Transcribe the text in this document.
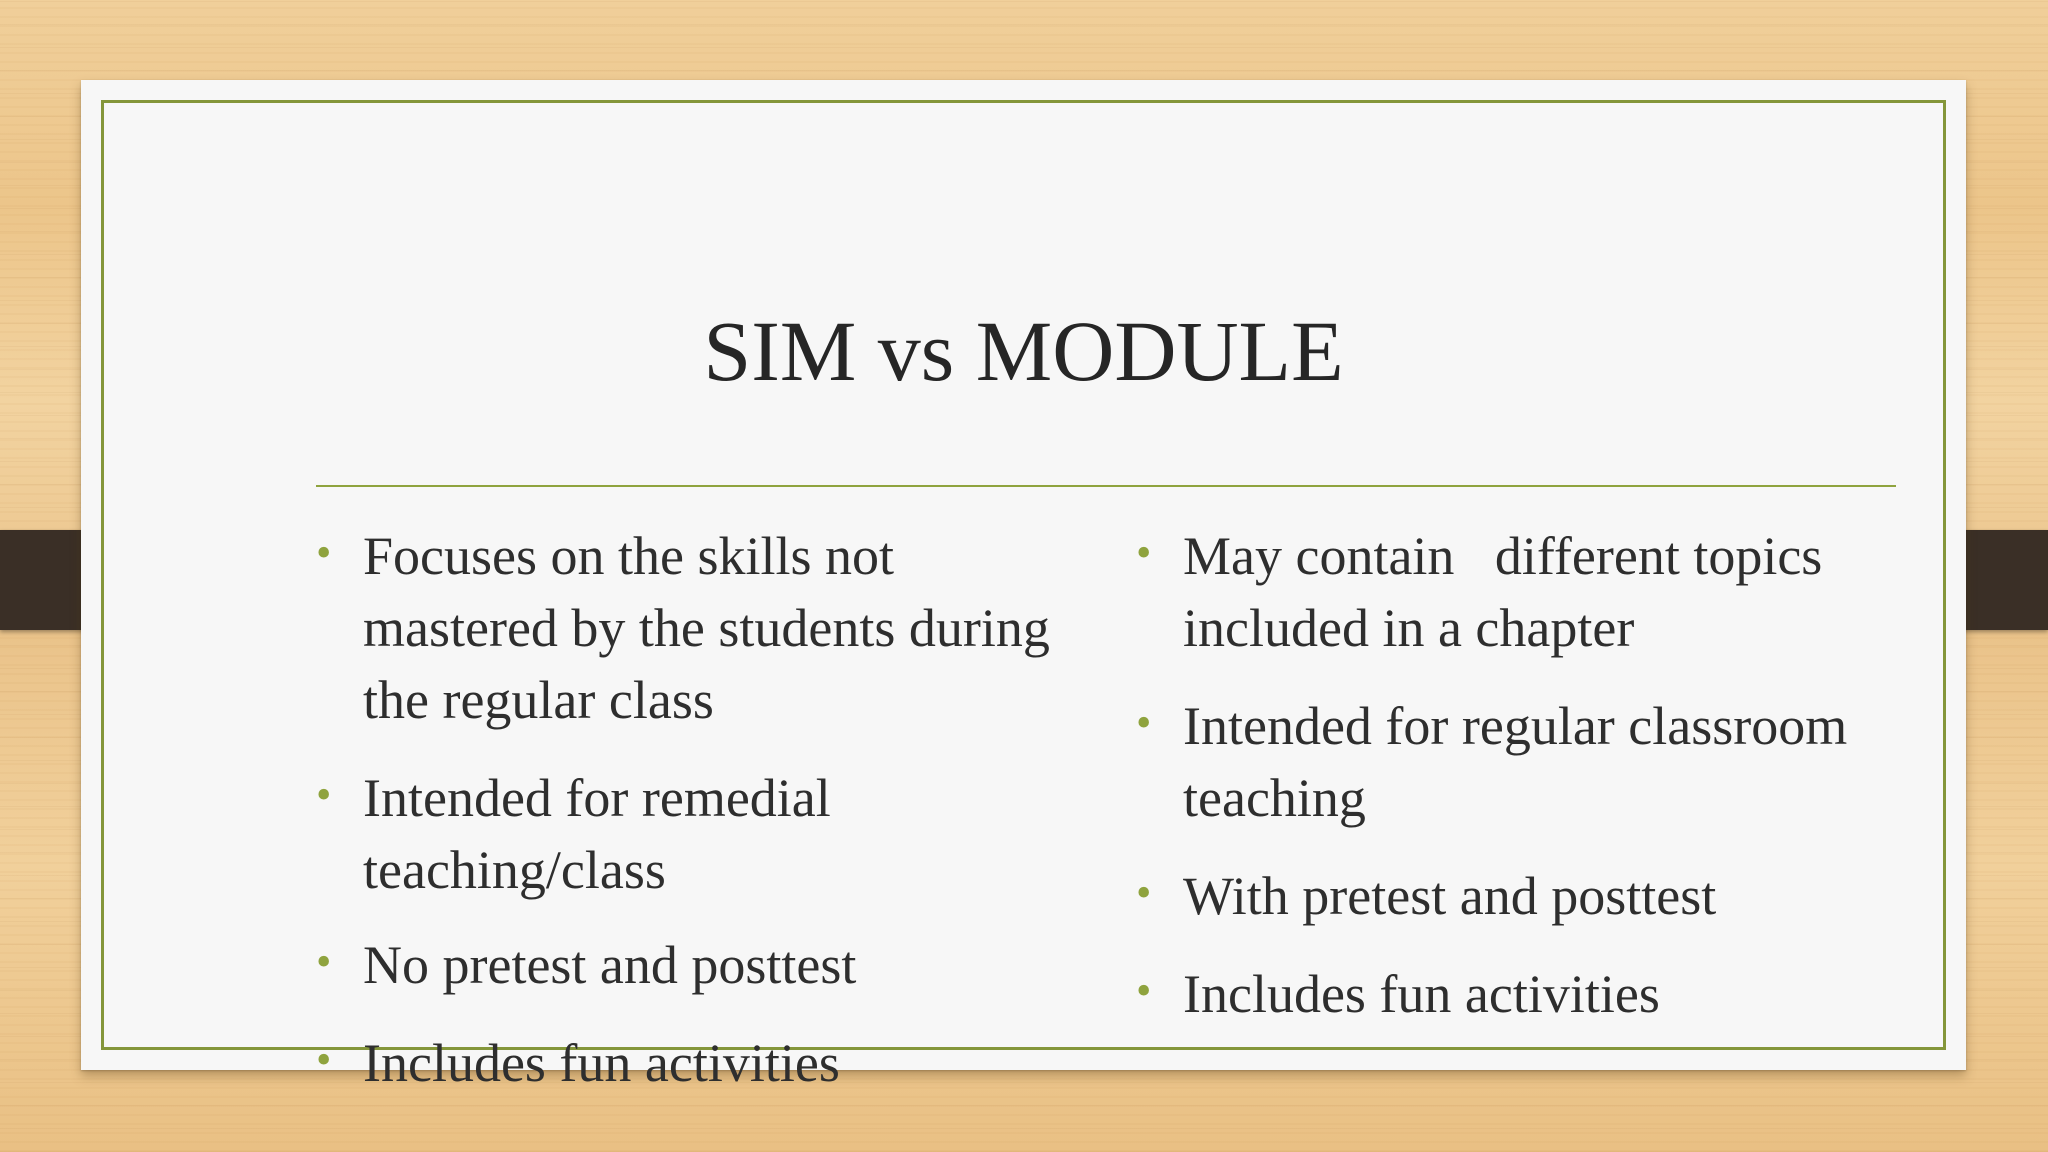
SIM vs MODULE
• Focuses on the skills not mastered by the students during the regular class
• Intended for remedial teaching/class
• No pretest and posttest
• Includes fun activities
• May contain   different topics included in a chapter
• Intended for regular classroom teaching
• With pretest and posttest
• Includes fun activities
